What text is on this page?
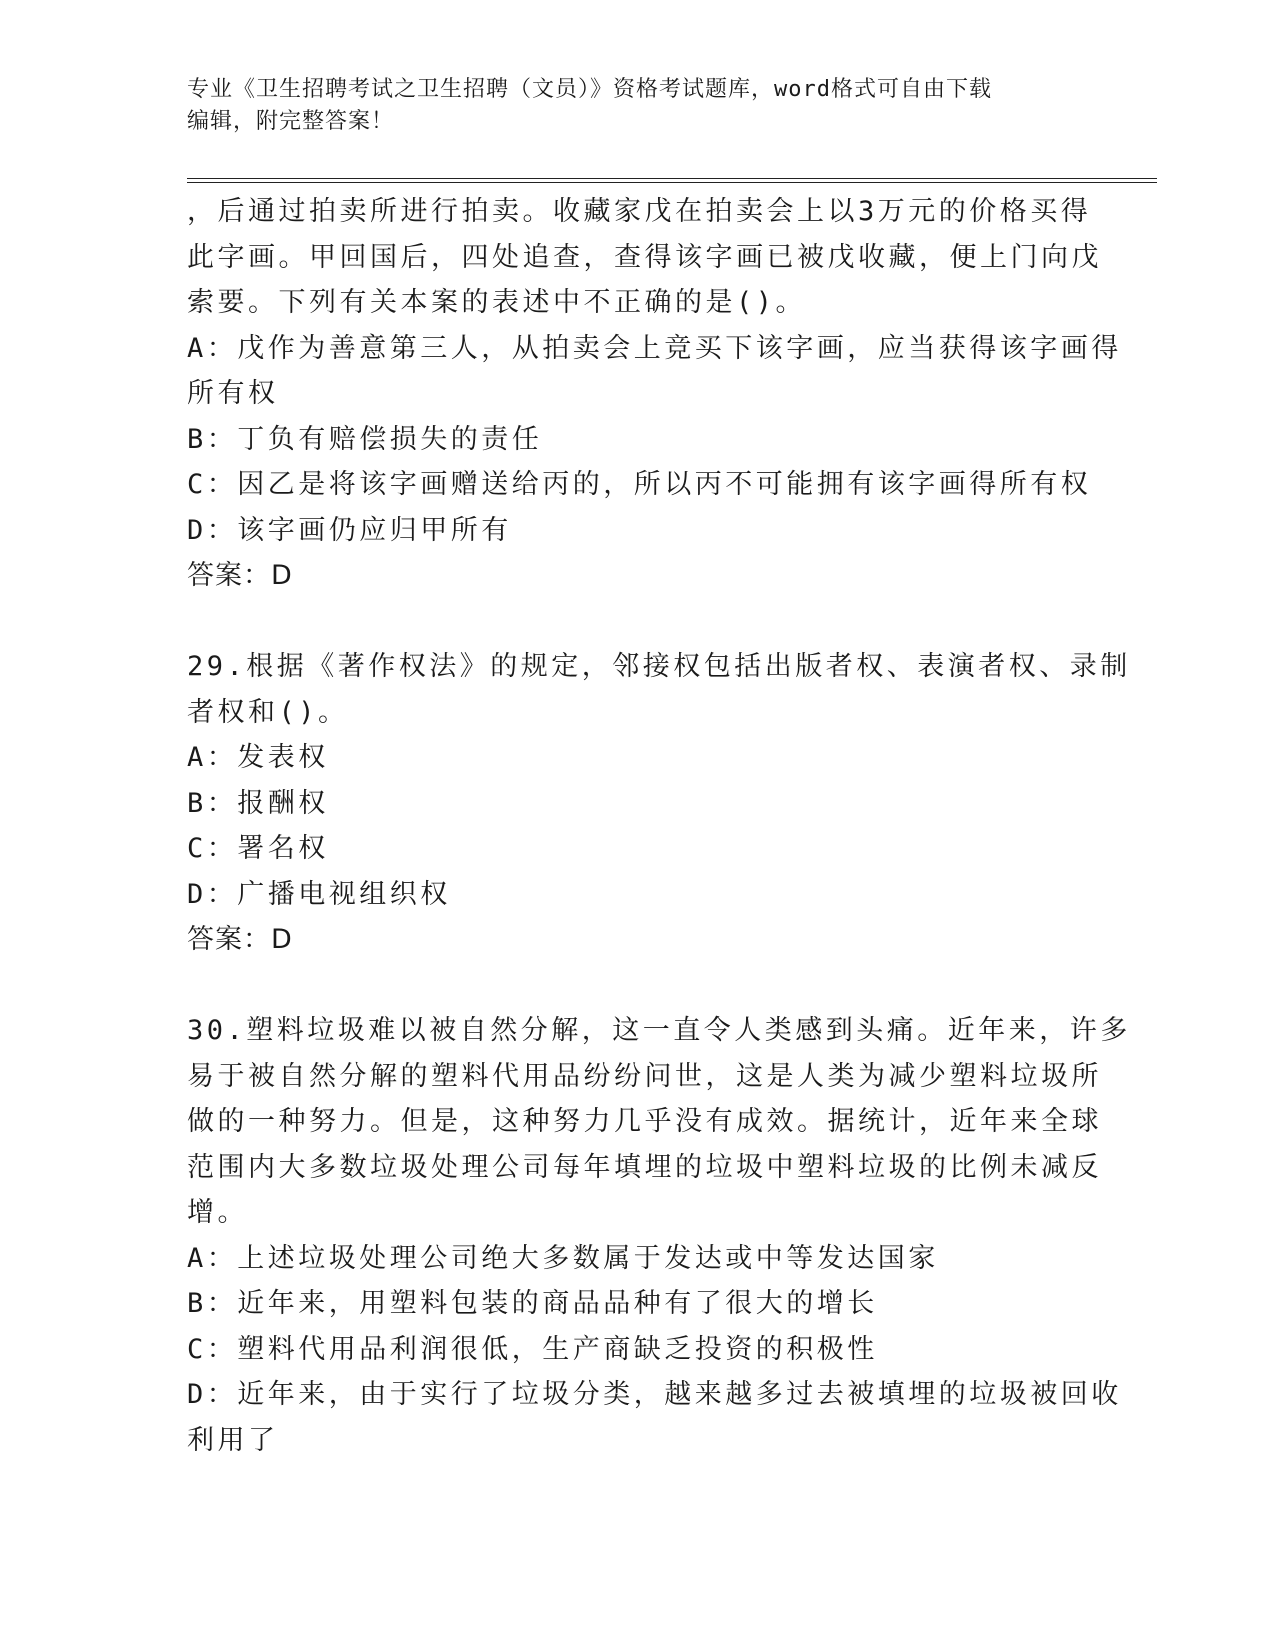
专业《卫生招聘考试之卫生招聘（文员）》资格考试题库，word格式可自由下载
编辑，附完整答案！
，后通过拍卖所进行拍卖。收藏家戊在拍卖会上以3万元的价格买得
此字画。甲回国后，四处追查，查得该字画已被戊收藏，便上门向戊
索要。下列有关本案的表述中不正确的是()。
A：戊作为善意第三人，从拍卖会上竞买下该字画，应当获得该字画得
所有权
B：丁负有赔偿损失的责任
C：因乙是将该字画赠送给丙的，所以丙不可能拥有该字画得所有权
D：该字画仍应归甲所有
答案：D
29.根据《著作权法》的规定，邻接权包括出版者权、表演者权、录制
者权和()。
A：发表权
B：报酬权
C：署名权
D：广播电视组织权
答案：D
30.塑料垃圾难以被自然分解，这一直令人类感到头痛。近年来，许多
易于被自然分解的塑料代用品纷纷问世，这是人类为减少塑料垃圾所
做的一种努力。但是，这种努力几乎没有成效。据统计，近年来全球
范围内大多数垃圾处理公司每年填埋的垃圾中塑料垃圾的比例未减反
增。
A：上述垃圾处理公司绝大多数属于发达或中等发达国家
B：近年来，用塑料包装的商品品种有了很大的增长
C：塑料代用品利润很低，生产商缺乏投资的积极性
D：近年来，由于实行了垃圾分类，越来越多过去被填埋的垃圾被回收
利用了
